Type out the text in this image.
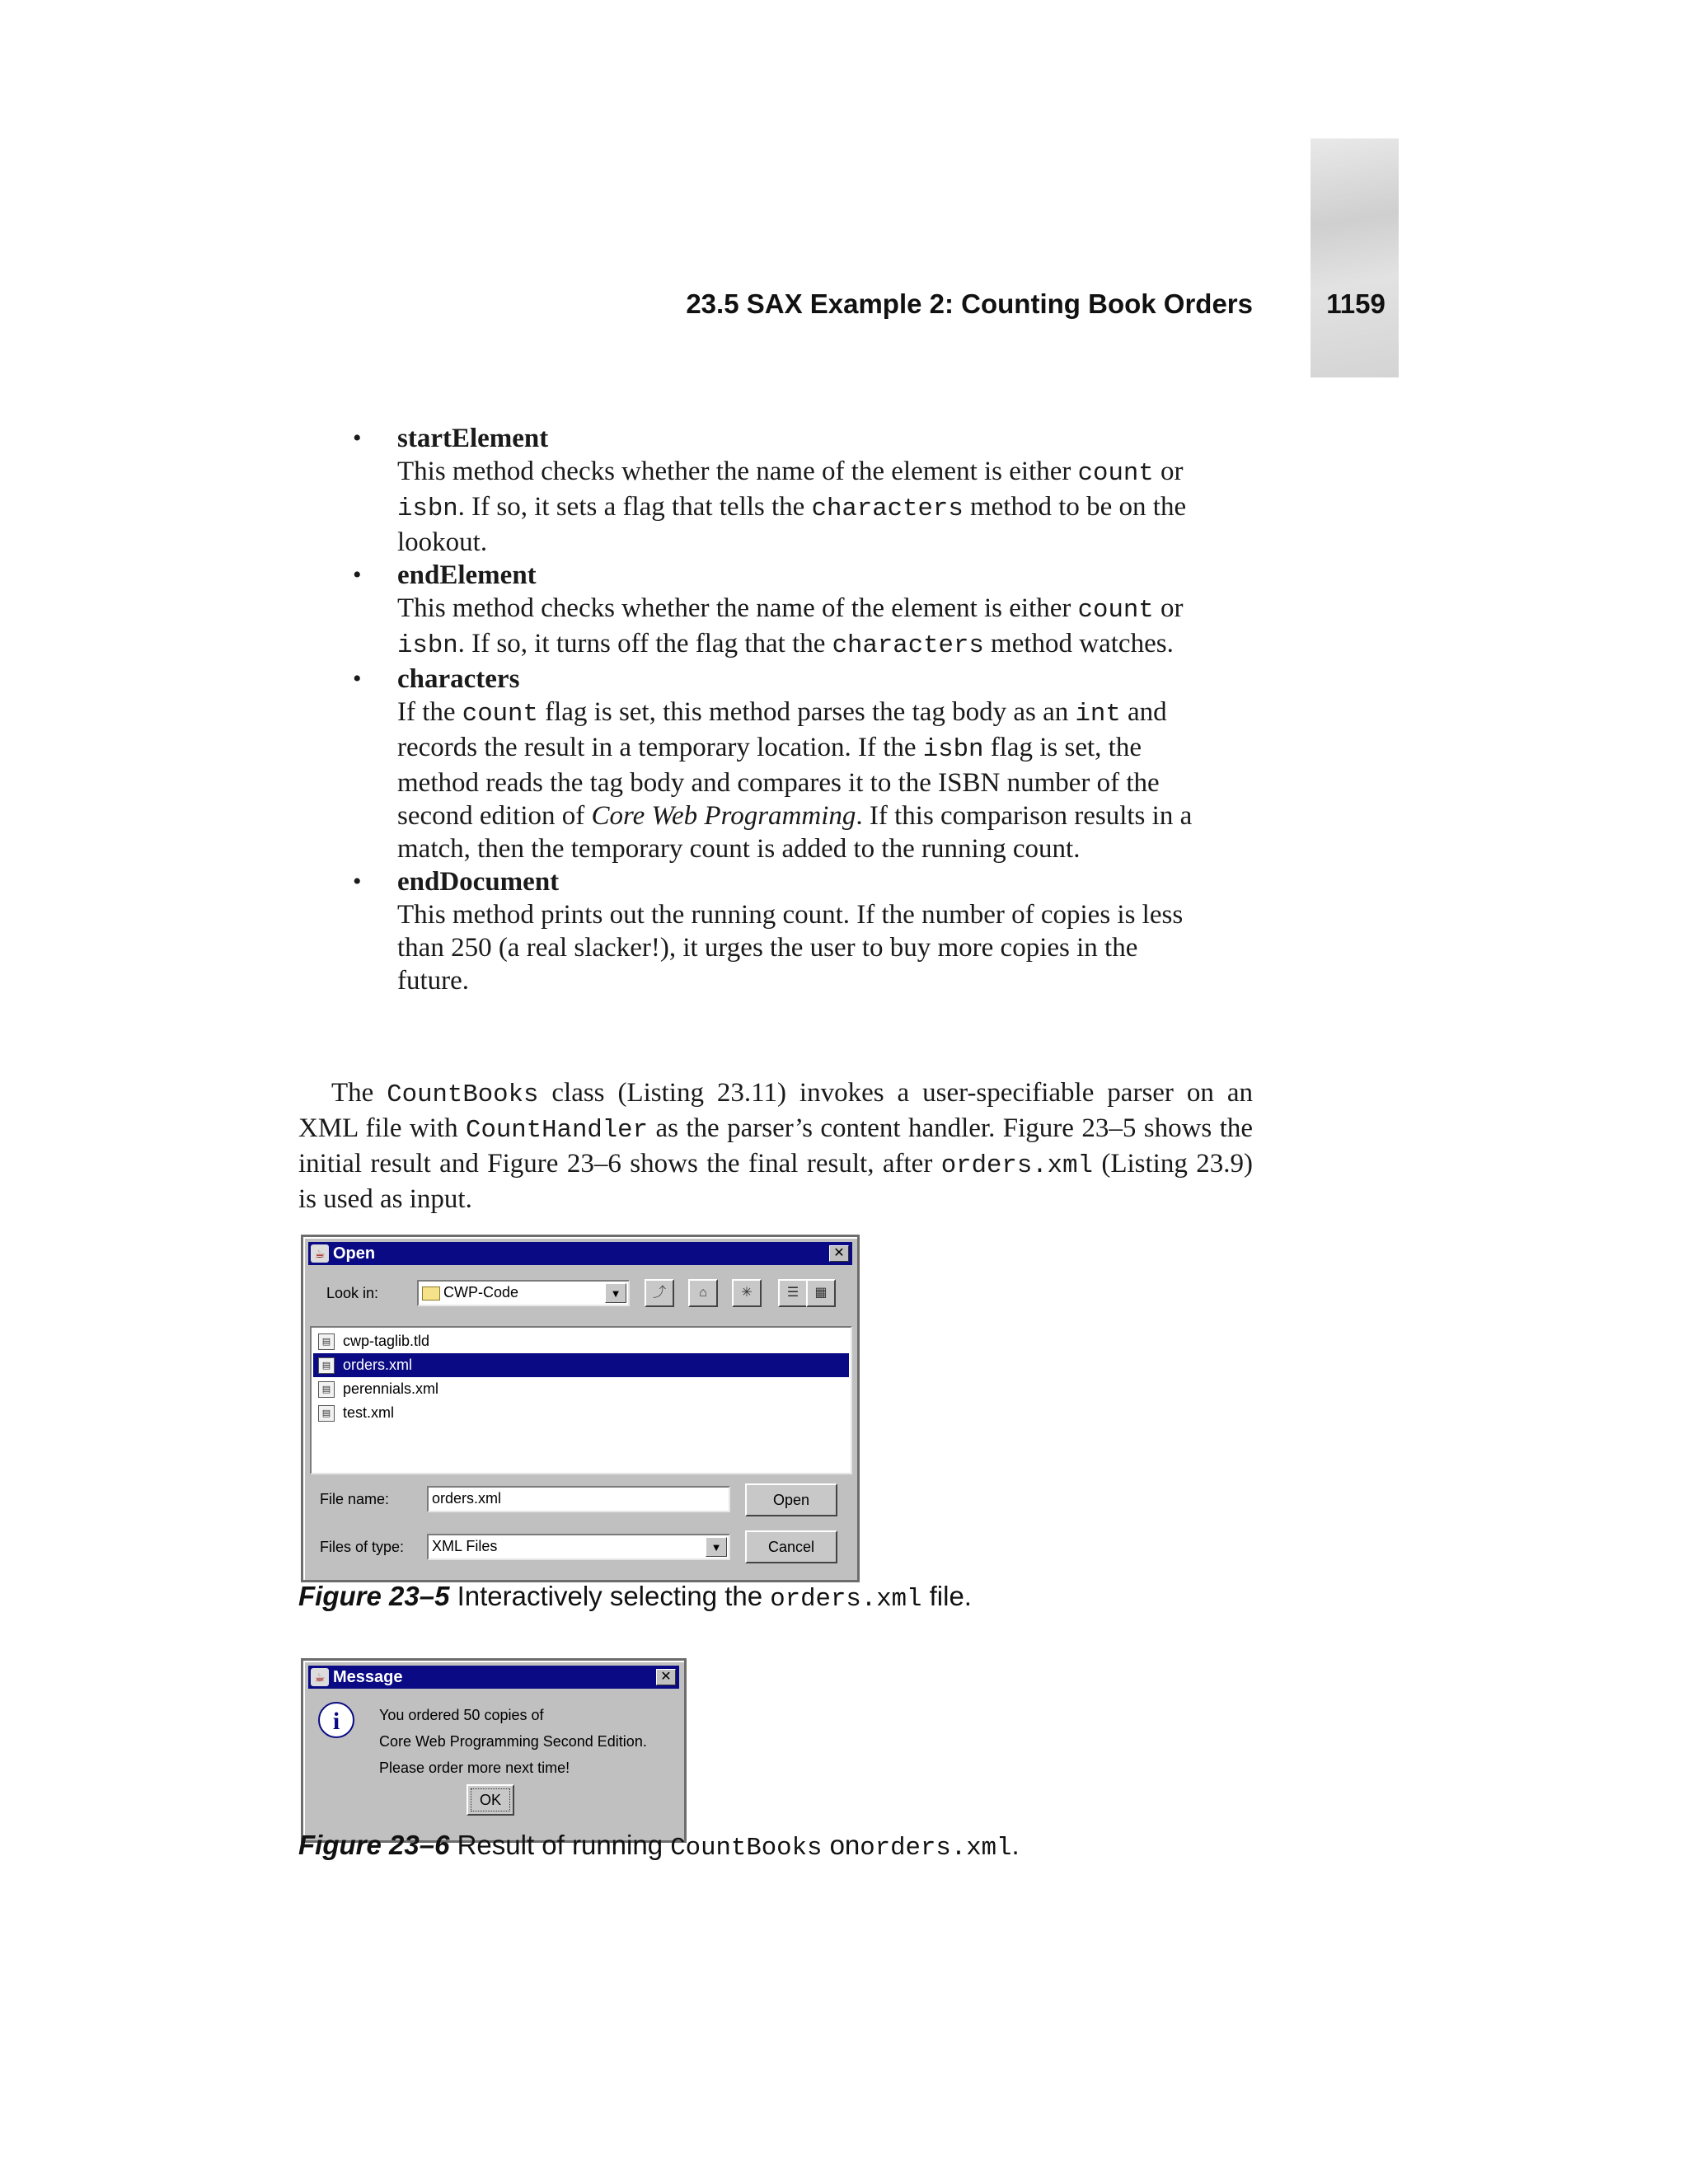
23.5 SAX Example 2: Counting Book Orders	1159
• startElement
This method checks whether the name of the element is either count or isbn. If so, it sets a flag that tells the characters method to be on the lookout.
• endElement
This method checks whether the name of the element is either count or isbn. If so, it turns off the flag that the characters method watches.
• characters
If the count flag is set, this method parses the tag body as an int and records the result in a temporary location. If the isbn flag is set, the method reads the tag body and compares it to the ISBN number of the second edition of Core Web Programming. If this comparison results in a match, then the temporary count is added to the running count.
• endDocument
This method prints out the running count. If the number of copies is less than 250 (a real slacker!), it urges the user to buy more copies in the future.
The CountBooks class (Listing 23.11) invokes a user-specifiable parser on an XML file with CountHandler as the parser’s content handler. Figure 23–5 shows the initial result and Figure 23–6 shows the final result, after orders.xml (Listing 23.9) is used as input.
☕ Open	✕
Look in:	CWP-Code	▼	⤴	⌂	✳	☰	▦
▤ cwp-taglib.tld
▤ orders.xml
▤ perennials.xml
▤ test.xml
File name:	orders.xml	Open
Files of type:	XML Files	▼	Cancel
Figure 23–5 Interactively selecting the orders.xml file.
☕ Message	✕
i	You ordered 50 copies of
Core Web Programming Second Edition.
Please order more next time!
OK
Figure 23–6 Result of running CountBooks onorders.xml.
